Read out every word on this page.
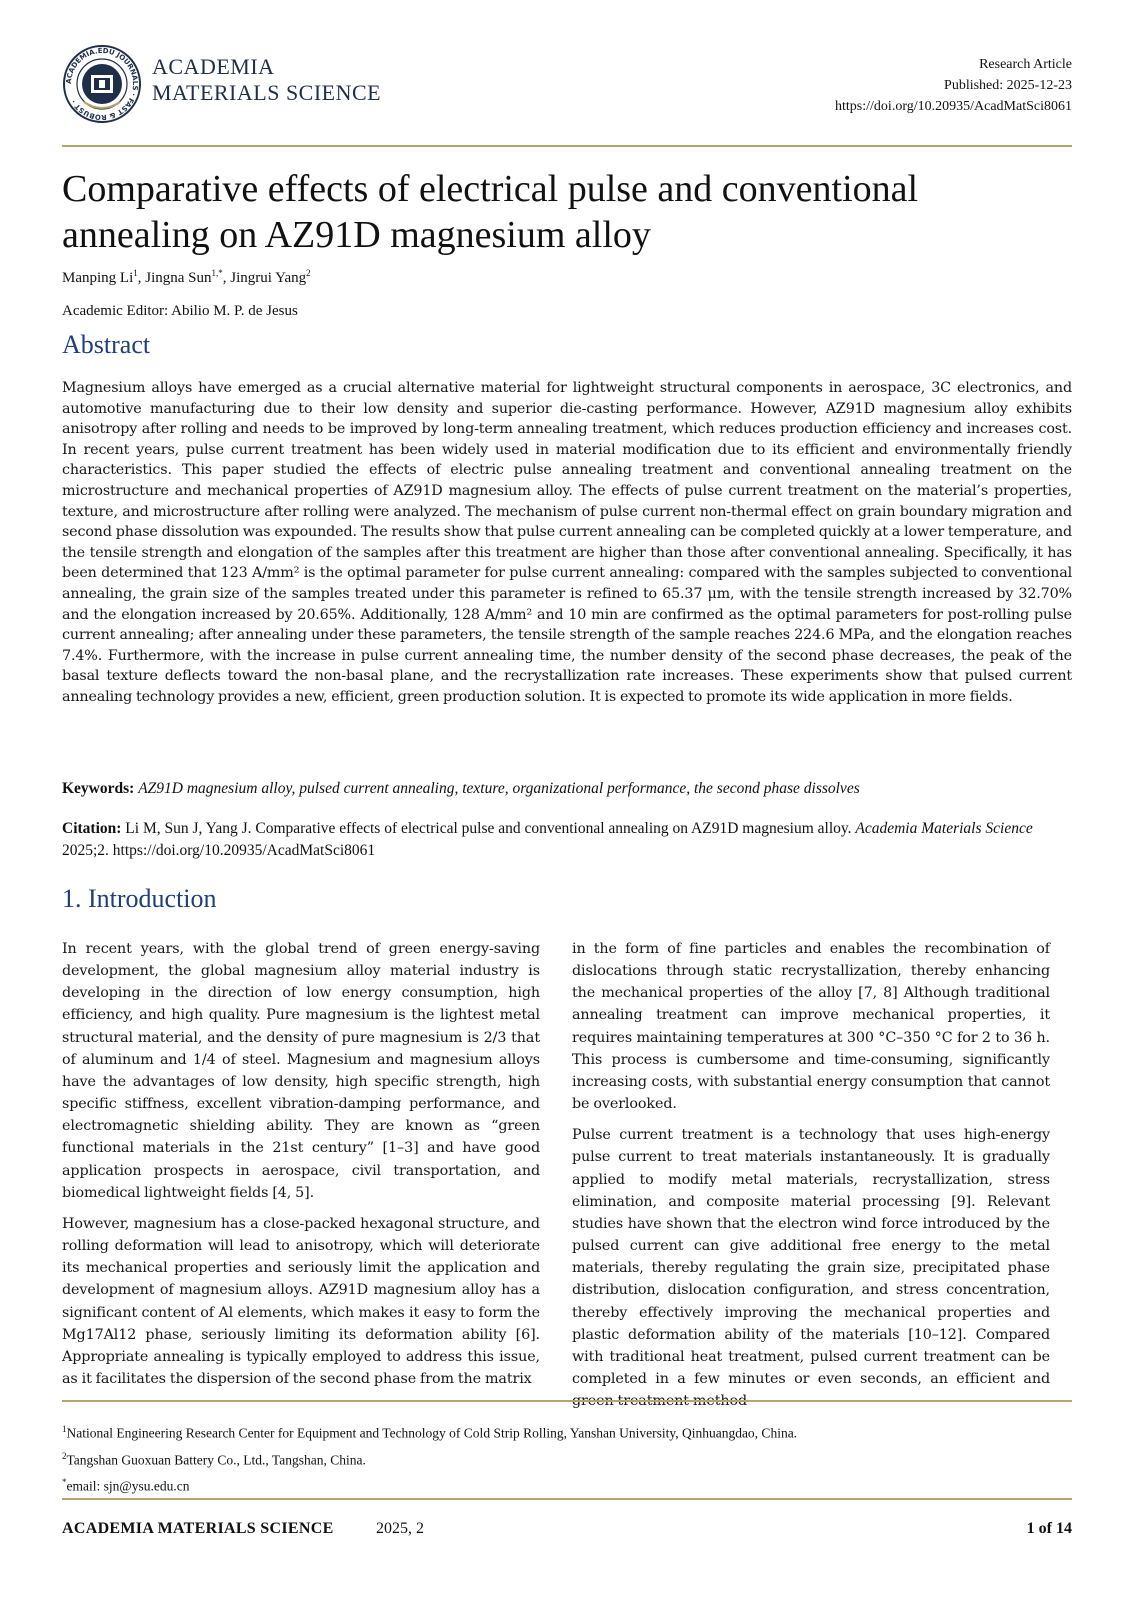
ACADEMIA.EDU JOURNALS · FAST & ROBUST ·
ACADEMIA
MATERIALS SCIENCE
Research Article
Published: 2025-12-23
https://doi.org/10.20935/AcadMatSci8061
Comparative effects of electrical pulse and conventional annealing on AZ91D magnesium alloy
Manping Li$^1$, Jingna Sun$^{1,*}$, Jingrui Yang$^2$
Academic Editor: Abilio M. P. de Jesus
Abstract

Magnesium alloys have emerged as a crucial alternative material for lightweight structural components in aerospace, 3C electronics, and automotive manufacturing due to their low density and superior die-casting performance. However, AZ91D magnesium alloy exhibits anisotropy after rolling and needs to be improved by long-term annealing treatment, which reduces production efficiency and increases cost. In recent years, pulse current treatment has been widely used in material modification due to its efficient and environmentally friendly characteristics. This paper studied the effects of electric pulse annealing treatment and conventional annealing treatment on the microstructure and mechanical properties of AZ91D magnesium alloy. The effects of pulse current treatment on the material’s properties, texture, and microstructure after rolling were analyzed. The mechanism of pulse current non-thermal effect on grain boundary migration and second phase dissolution was expounded. The results show that pulse current annealing can be completed quickly at a lower temperature, and the tensile strength and elongation of the samples after this treatment are higher than those after conventional annealing. Specifically, it has been determined that 123 A/mm² is the optimal parameter for pulse current annealing: compared with the samples subjected to conventional annealing, the grain size of the samples treated under this parameter is refined to 65.37 μm, with the tensile strength increased by 32.70% and the elongation increased by 20.65%. Additionally, 128 A/mm² and 10 min are confirmed as the optimal parameters for post-rolling pulse current annealing; after annealing under these parameters, the tensile strength of the sample reaches 224.6 MPa, and the elongation reaches 7.4%. Furthermore, with the increase in pulse current annealing time, the number density of the second phase decreases, the peak of the basal texture deflects toward the non-basal plane, and the recrystallization rate increases. These experiments show that pulsed current annealing technology provides a new, efficient, green production solution. It is expected to promote its wide application in more fields.

Keywords: AZ91D magnesium alloy, pulsed current annealing, texture, organizational performance, the second phase dissolves
Citation: Li M, Sun J, Yang J. Comparative effects of electrical pulse and conventional annealing on AZ91D magnesium alloy. Academia Materials Science 2025;2. https://doi.org/10.20935/AcadMatSci8061
1. Introduction

In recent years, with the global trend of green energy-saving development, the global magnesium alloy material industry is developing in the direction of low energy consumption, high efficiency, and high quality. Pure magnesium is the lightest metal structural material, and the density of pure magnesium is 2/3 that of aluminum and 1/4 of steel. Magnesium and magnesium alloys have the advantages of low density, high specific strength, high specific stiffness, excellent vibration-damping performance, and electromagnetic shielding ability. They are known as “green functional materials in the 21st century” [1–3] and have good application prospects in aerospace, civil transportation, and biomedical lightweight fields [4, 5].

However, magnesium has a close-packed hexagonal structure, and rolling deformation will lead to anisotropy, which will deteriorate its mechanical properties and seriously limit the application and development of magnesium alloys. AZ91D magnesium alloy has a significant content of Al elements, which makes it easy to form the Mg17Al12 phase, seriously limiting its deformation ability [6]. Appropriate annealing is typically employed to address this issue, as it facilitates the dispersion of the second phase from the matrix

in the form of fine particles and enables the recombination of dislocations through static recrystallization, thereby enhancing the mechanical properties of the alloy [7, 8] Although traditional annealing treatment can improve mechanical properties, it requires maintaining temperatures at 300 °C–350 °C for 2 to 36 h. This process is cumbersome and time-consuming, significantly increasing costs, with substantial energy consumption that cannot be overlooked.

Pulse current treatment is a technology that uses high-energy pulse current to treat materials instantaneously. It is gradually applied to modify metal materials, recrystallization, stress elimination, and composite material processing [9]. Relevant studies have shown that the electron wind force introduced by the pulsed current can give additional free energy to the metal materials, thereby regulating the grain size, precipitated phase distribution, dislocation configuration, and stress concentration, thereby effectively improving the mechanical properties and plastic deformation ability of the materials [10–12]. Compared with traditional heat treatment, pulsed current treatment can be completed in a few minutes or even seconds, an efficient and

$^1$National Engineering Research Center for Equipment and Technology of Cold Strip Rolling, Yanshan University, Qinhuangdao, China.
$^2$Tangshan Guoxuan Battery Co., Ltd., Tangshan, China.
*email: sjn@ysu.edu.cn
ACADEMIA MATERIALS SCIENCE	2025, 2	1 of 14
